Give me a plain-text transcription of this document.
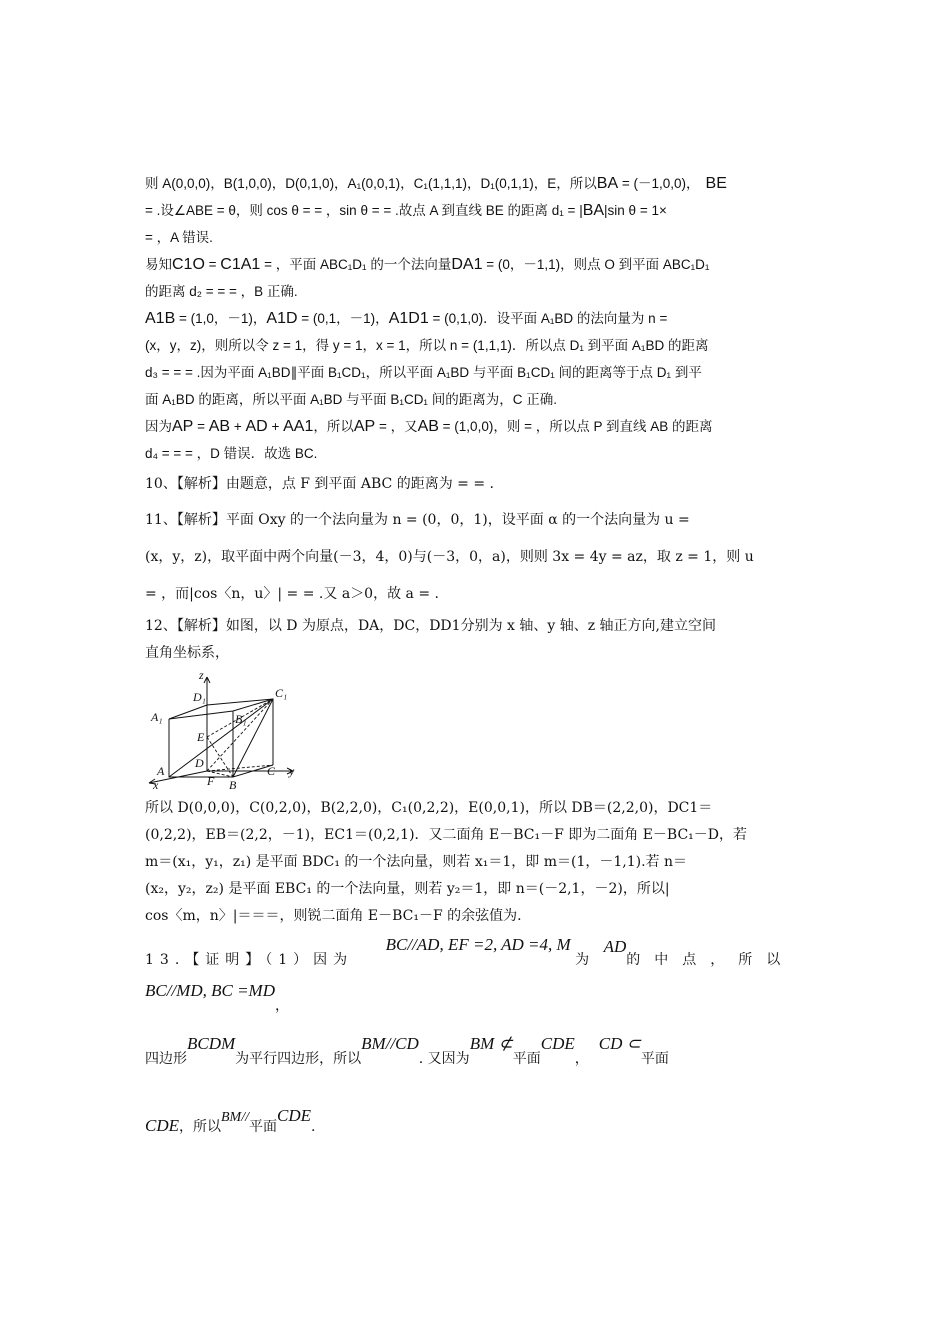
则 A(0,0,0)，B(1,0,0)，D(0,1,0)，A₁(0,0,1)，C₁(1,1,1)，D₁(0,1,1)，E，所以BA = (－1,0,0)， BE

= .设∠ABE = θ，则 cos θ = = ，sin θ = = .故点 A 到直线 BE 的距离 d₁ = |BA|sin θ = 1×

= ，A 错误.

易知C1O = C1A1 = ，平面 ABC₁D₁ 的一个法向量DA1 = (0，－1,1)，则点 O 到平面 ABC₁D₁

的距离 d₂ = = = ，B 正确.

A1B = (1,0，－1)，A1D = (0,1，－1)，A1D1 = (0,1,0)．设平面 A₁BD 的法向量为 n =

(x，y，z)，则所以令 z = 1，得 y = 1，x = 1，所以 n = (1,1,1)．所以点 D₁ 到平面 A₁BD 的距离

d₃ = = = .因为平面 A₁BD∥平面 B₁CD₁，所以平面 A₁BD 与平面 B₁CD₁ 间的距离等于点 D₁ 到平

面 A₁BD 的距离，所以平面 A₁BD 与平面 B₁CD₁ 间的距离为，C 正确.

因为AP = AB + AD + AA1，所以AP = ，又AB = (1,0,0)，则 = ，所以点 P 到直线 AB 的距离

d₄ = = = ，D 错误．故选 BC.

10、【解析】由题意，点 F 到平面 ABC 的距离为 = = .

11、【解析】平面 Oxy 的一个法向量为 n = (0，0，1)，设平面 α 的一个法向量为 u =

(x，y，z)，取平面中两个向量(－3，4，0)与(－3，0，a)，则则 3x = 4y = az，取 z = 1，则 u

= ，而|cos〈n，u〉| = = .又 a＞0，故 a = .

12、【解析】如图，以 D 为原点，DA，DC，DD1分别为 x 轴、y 轴、z 轴正方向,建立空间

直角坐标系，

z
D₁	C₁
A₁	B₁
E
D
A
F B
C y
x

所以 D(0,0,0)，C(0,2,0)，B(2,2,0)，C₁(0,2,2)，E(0,0,1)，所以 DB＝(2,2,0)，DC1＝

(0,2,2)，EB＝(2,2，－1)，EC1＝(0,2,1)．又二面角 E－BC₁－F 即为二面角 E－BC₁－D，若

m＝(x₁，y₁，z₁) 是平面 BDC₁ 的一个法向量，则若 x₁＝1，即 m＝(1，－1,1).若 n＝

(x₂，y₂，z₂) 是平面 EBC₁ 的一个法向量，则若 y₂＝1，即 n＝(－2,1，－2)，所以|

cos〈m，n〉|＝＝＝，则锐二面角 E－BC₁－F 的余弦值为.

13.【证明】（1）因为 BC//AD, EF =2, AD =4, M 为 AD的中点，所以

BC//MD, BC =MD，

四边形BCDM为平行四边形，所以BM//CD. 又因为BM ⊄平面CDE，CD ⊂平面

CDE，所以BM//平面CDE.
